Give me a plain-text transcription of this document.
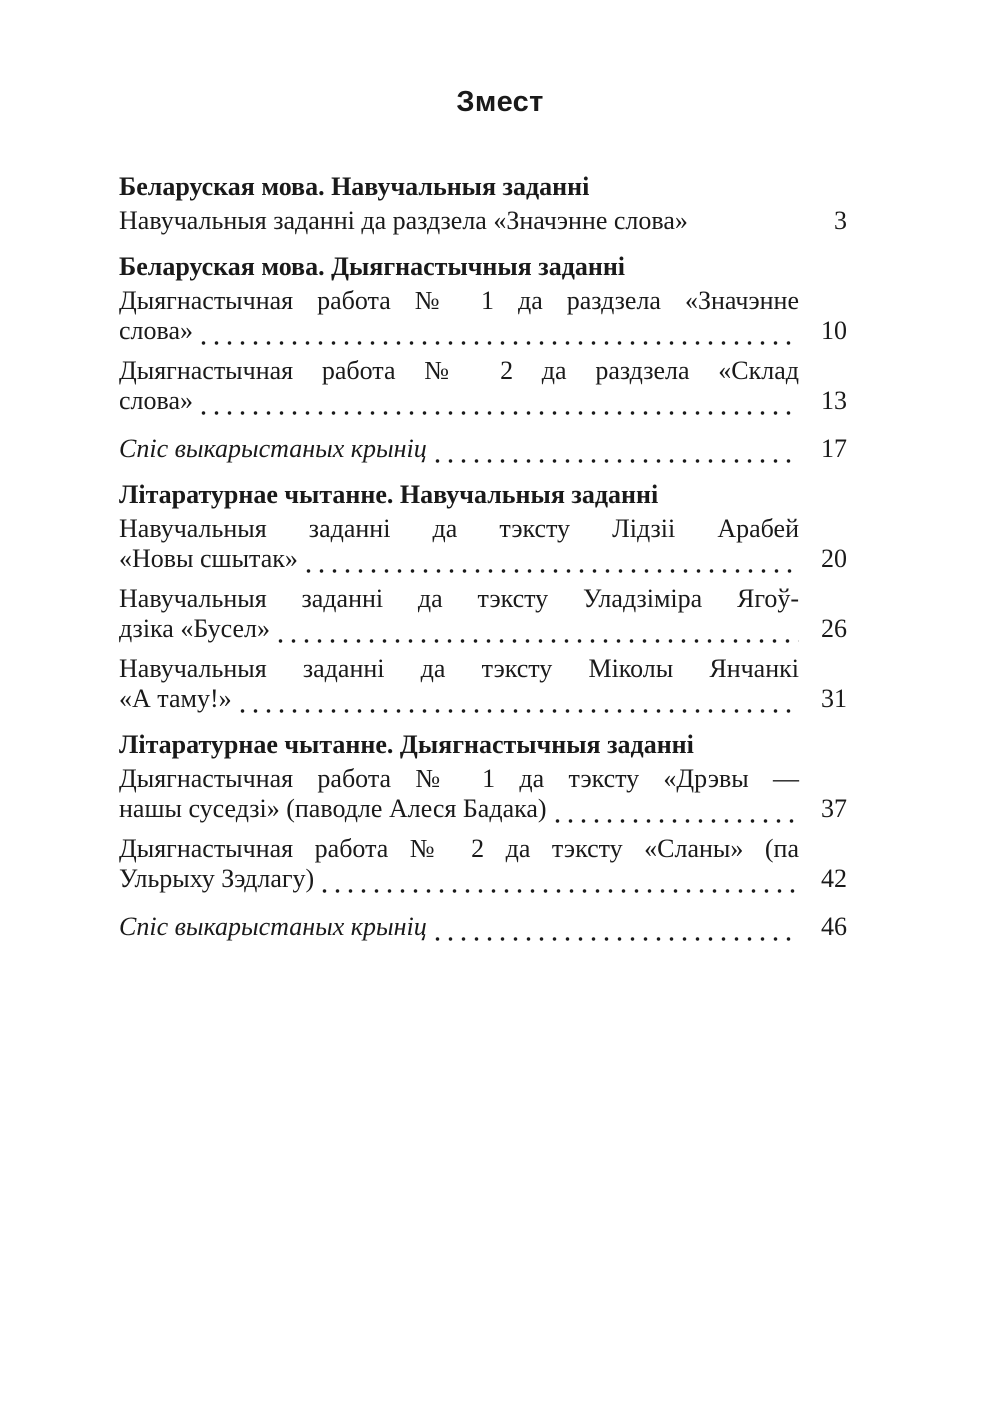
Змест
Беларуская мова. Навучальныя заданні
Навучальныя заданні да раздзела «Значэнне слова»	3
Беларуская мова. Дыягнастычныя заданні
Дыягнастычная работа № 1 да раздзела «Значэнне
слова»	10
Дыягнастычная работа № 2 да раздзела «Склад
слова»	13
Спіс выкарыстаных крыніц	17
Літаратурнае чытанне. Навучальныя заданні
Навучальныя заданні да тэксту Лідзіі Арабей
«Новы сшытак»	20
Навучальныя заданні да тэксту Уладзіміра Ягоў-
дзіка «Бусел»	26
Навучальныя заданні да тэксту Міколы Янчанкі
«А таму!»	31
Літаратурнае чытанне. Дыягнастычныя заданні
Дыягнастычная работа № 1 да тэксту «Дрэвы —
нашы суседзі» (паводле Алеся Бадака)	37
Дыягнастычная работа № 2 да тэксту «Сланы» (па
Ульрыху Зэдлагу)	42
Спіс выкарыстаных крыніц	46
